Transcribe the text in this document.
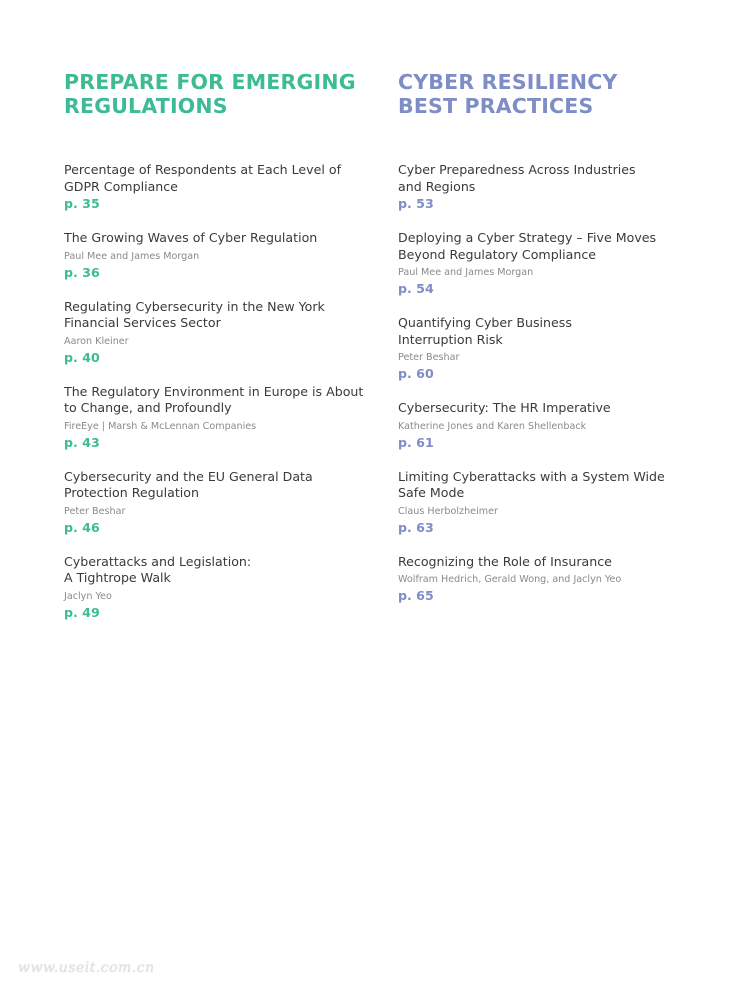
PREPARE FOR EMERGING
REGULATIONS
Percentage of Respondents at Each Level of
GDPR Compliance
p. 35
The Growing Waves of Cyber Regulation
Paul Mee and James Morgan
p. 36
Regulating Cybersecurity in the New York
Financial Services Sector
Aaron Kleiner
p. 40
The Regulatory Environment in Europe is About
to Change, and Profoundly
FireEye | Marsh & McLennan Companies
p. 43
Cybersecurity and the EU General Data
Protection Regulation
Peter Beshar
p. 46
Cyberattacks and Legislation:
A Tightrope Walk
Jaclyn Yeo
p. 49
CYBER RESILIENCY
BEST PRACTICES
Cyber Preparedness Across Industries
and Regions
p. 53
Deploying a Cyber Strategy – Five Moves
Beyond Regulatory Compliance
Paul Mee and James Morgan
p. 54
Quantifying Cyber Business
Interruption Risk
Peter Beshar
p. 60
Cybersecurity: The HR Imperative
Katherine Jones and Karen Shellenback
p. 61
Limiting Cyberattacks with a System Wide
Safe Mode
Claus Herbolzheimer
p. 63
Recognizing the Role of Insurance
Wolfram Hedrich, Gerald Wong, and Jaclyn Yeo
p. 65
www.useit.com.cn
